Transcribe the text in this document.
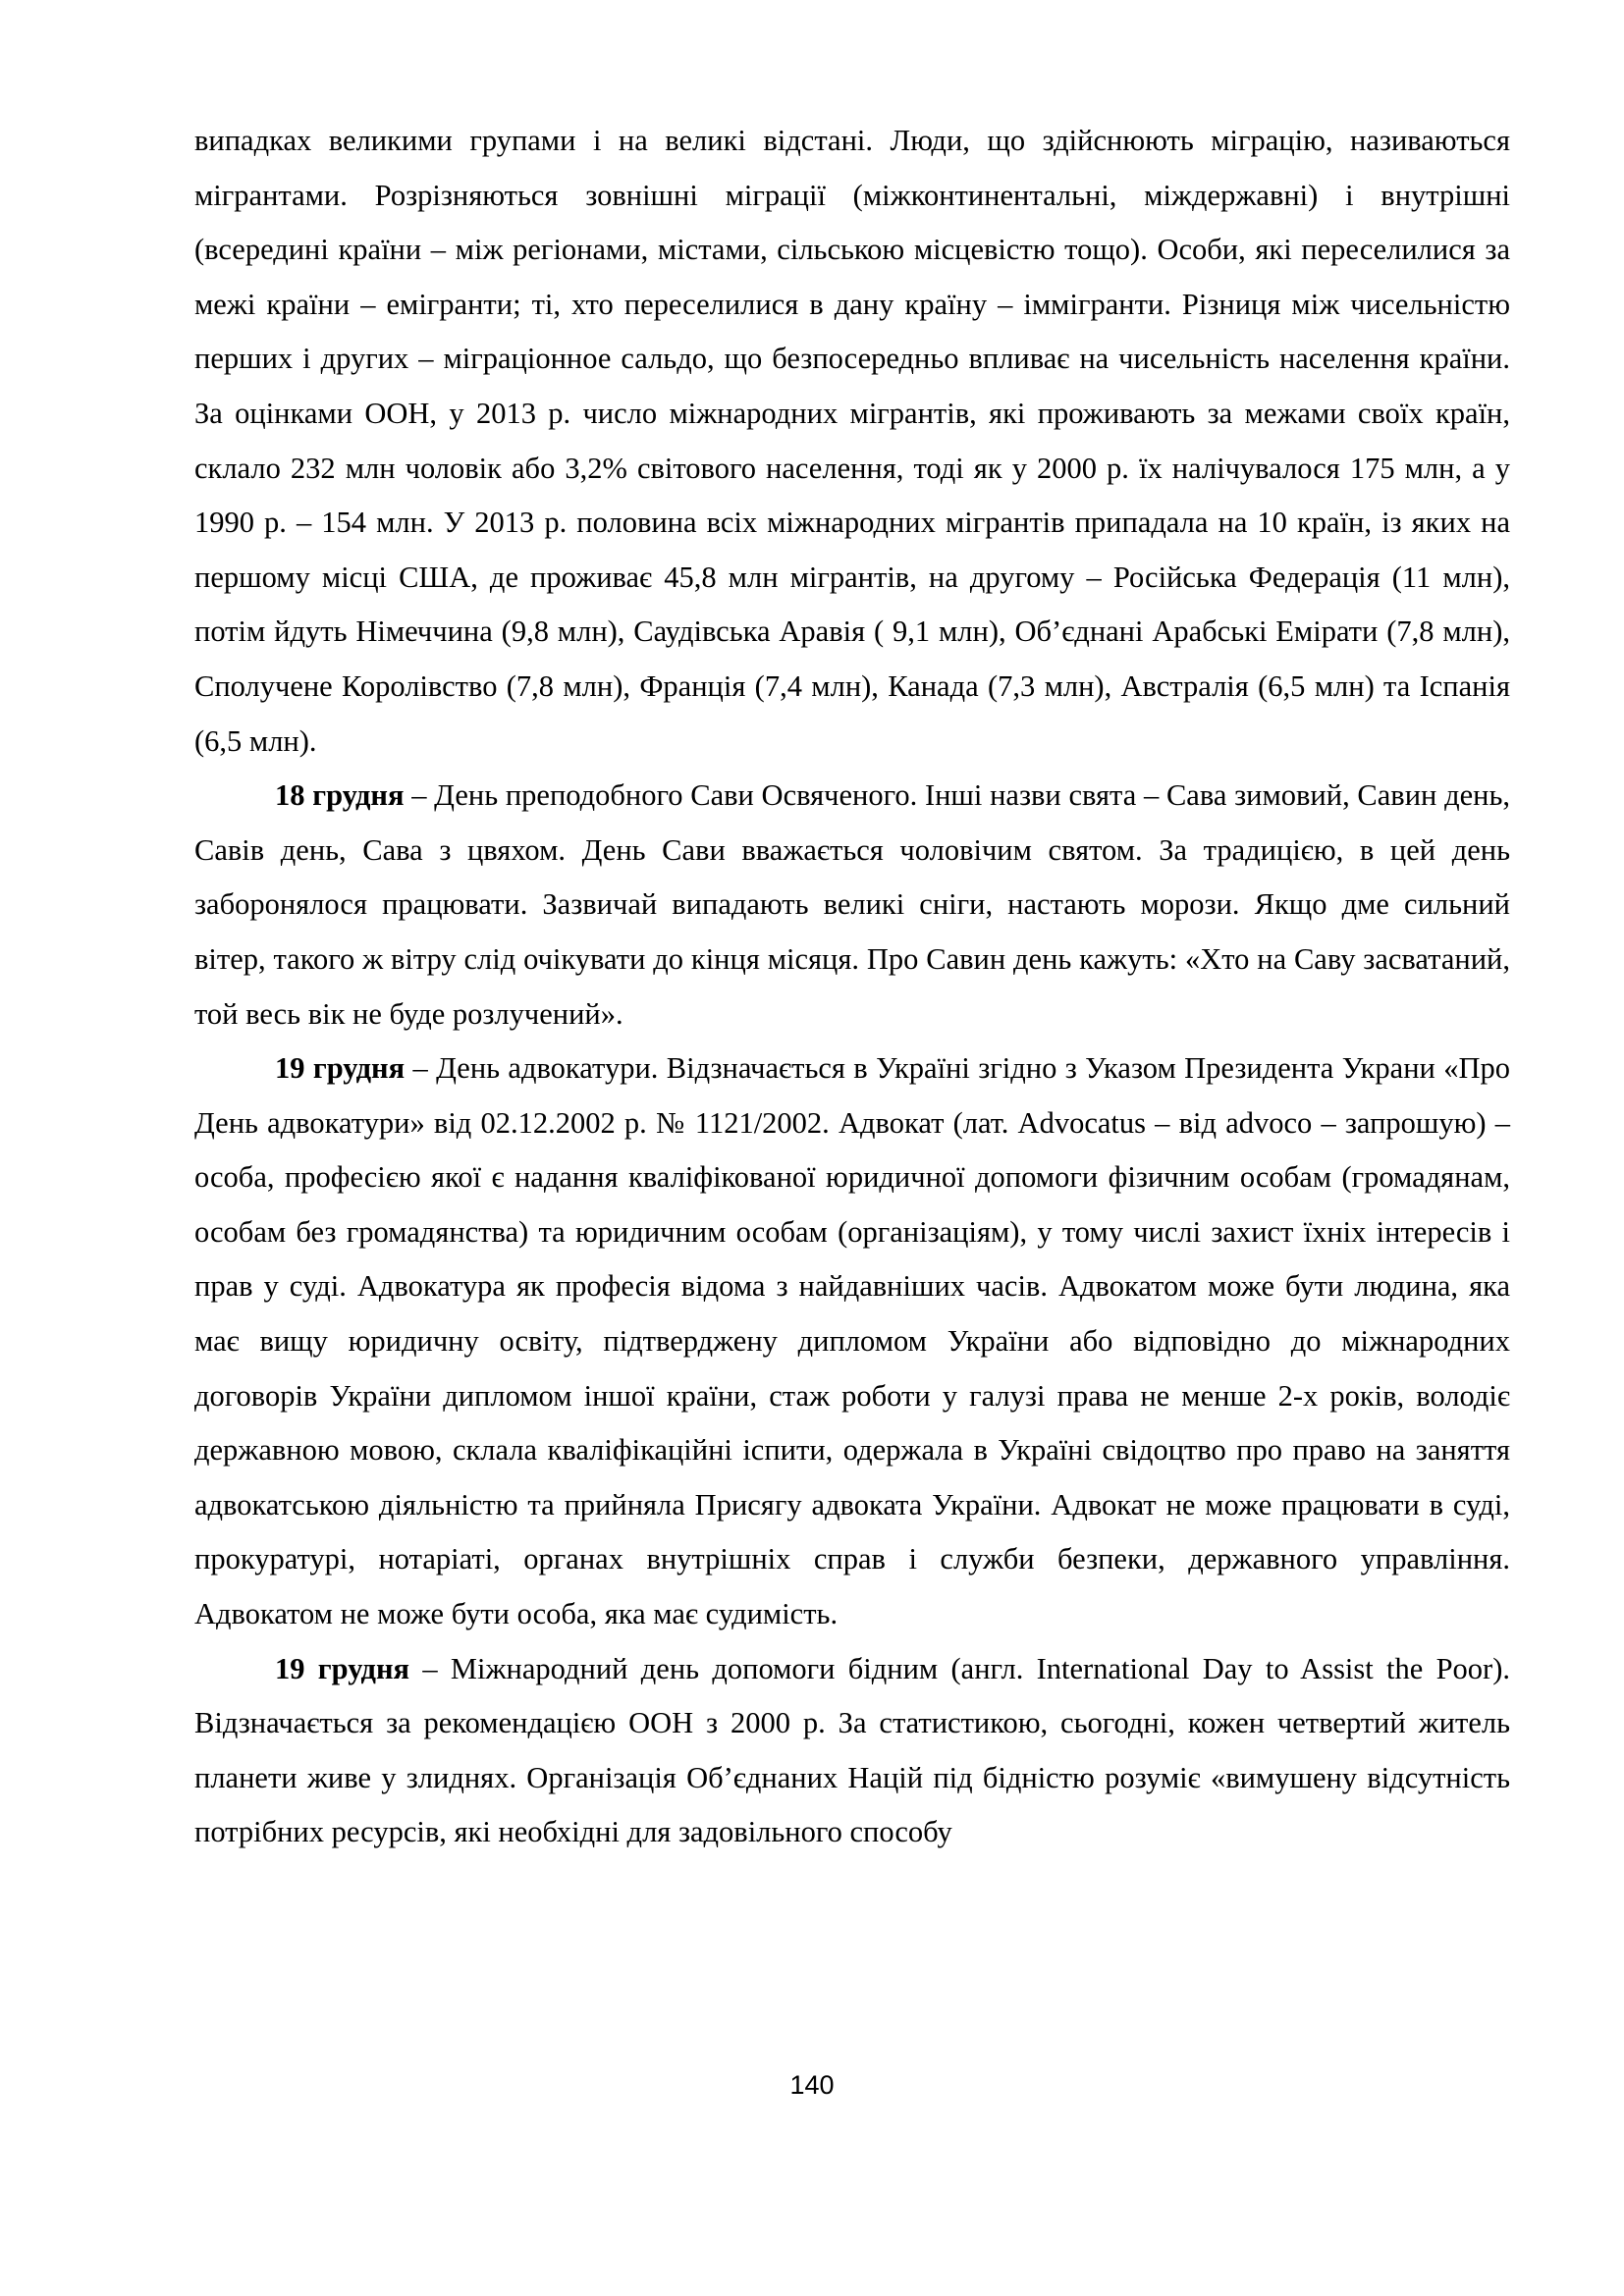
випадках великими групами і на великі відстані. Люди, що здійснюють міграцію, називаються мігрантами. Розрізняються зовнішні міграції (міжконтинентальні, міждержавні) і внутрішні (всередині країни – між регіонами, містами, сільською місцевістю тощо). Особи, які переселилися за межі країни – емігранти; ті, хто переселилися в дану країну – іммігранти. Різниця між чисельністю перших і других – міграціонное сальдо, що безпосередньо впливає на чисельність населення країни. За оцінками ООН, у 2013 р. число міжнародних мігрантів, які проживають за межами своїх країн, склало 232 млн чоловік або 3,2% світового населення, тоді як у 2000 р. їх налічувалося 175 млн, а у 1990 р. – 154 млн. У 2013 р. половина всіх міжнародних мігрантів припадала на 10 країн, із яких на першому місці США, де проживає 45,8 млн мігрантів, на другому – Російська Федерація (11 млн), потім йдуть Німеччина (9,8 млн), Саудівська Аравія ( 9,1 млн), Об’єднані Арабські Емірати (7,8 млн), Сполучене Королівство (7,8 млн), Франція (7,4 млн), Канада (7,3 млн), Австралія (6,5 млн) та Іспанія (6,5 млн).

18 грудня – День преподобного Сави Освяченого. Інші назви свята – Сава зимовий, Савин день, Савів день, Сава з цвяхом. День Сави вважається чоловічим святом. За традицією, в цей день заборонялося працювати. Зазвичай випадають великі сніги, настають морози. Якщо дме сильний вітер, такого ж вітру слід очікувати до кінця місяця. Про Савин день кажуть: «Хто на Саву засватаний, той весь вік не буде розлучений».

19 грудня – День адвокатури. Відзначається в Україні згідно з Указом Президента Украни «Про День адвокатури» від 02.12.2002 р. № 1121/2002. Адвокат (лат. Advocatus – від advoco – запрошую) – особа, професією якої є надання кваліфікованої юридичної допомоги фізичним особам (громадянам, особам без громадянства) та юридичним особам (організаціям), у тому числі захист їхніх інтересів і прав у суді. Адвокатура як професія відома з найдавніших часів. Адвокатом може бути людина, яка має вищу юридичну освіту, підтверджену дипломом України або відповідно до міжнародних договорів України дипломом іншої країни, стаж роботи у галузі права не менше 2-х років, володіє державною мовою, склала кваліфікаційні іспити, одержала в Україні свідоцтво про право на заняття адвокатською діяльністю та прийняла Присягу адвоката України. Адвокат не може працювати в суді, прокуратурі, нотаріаті, органах внутрішніх справ і служби безпеки, державного управління. Адвокатом не може бути особа, яка має судимість.

19 грудня – Міжнародний день допомоги бідним (англ. International Day to Assist the Poor). Відзначається за рекомендацією ООН з 2000 р. За статистикою, сьогодні, кожен четвертий житель планети живе у злиднях. Організація Об’єднаних Націй під бідністю розуміє «вимушену відсутність потрібних ресурсів, які необхідні для задовільного способу

140
